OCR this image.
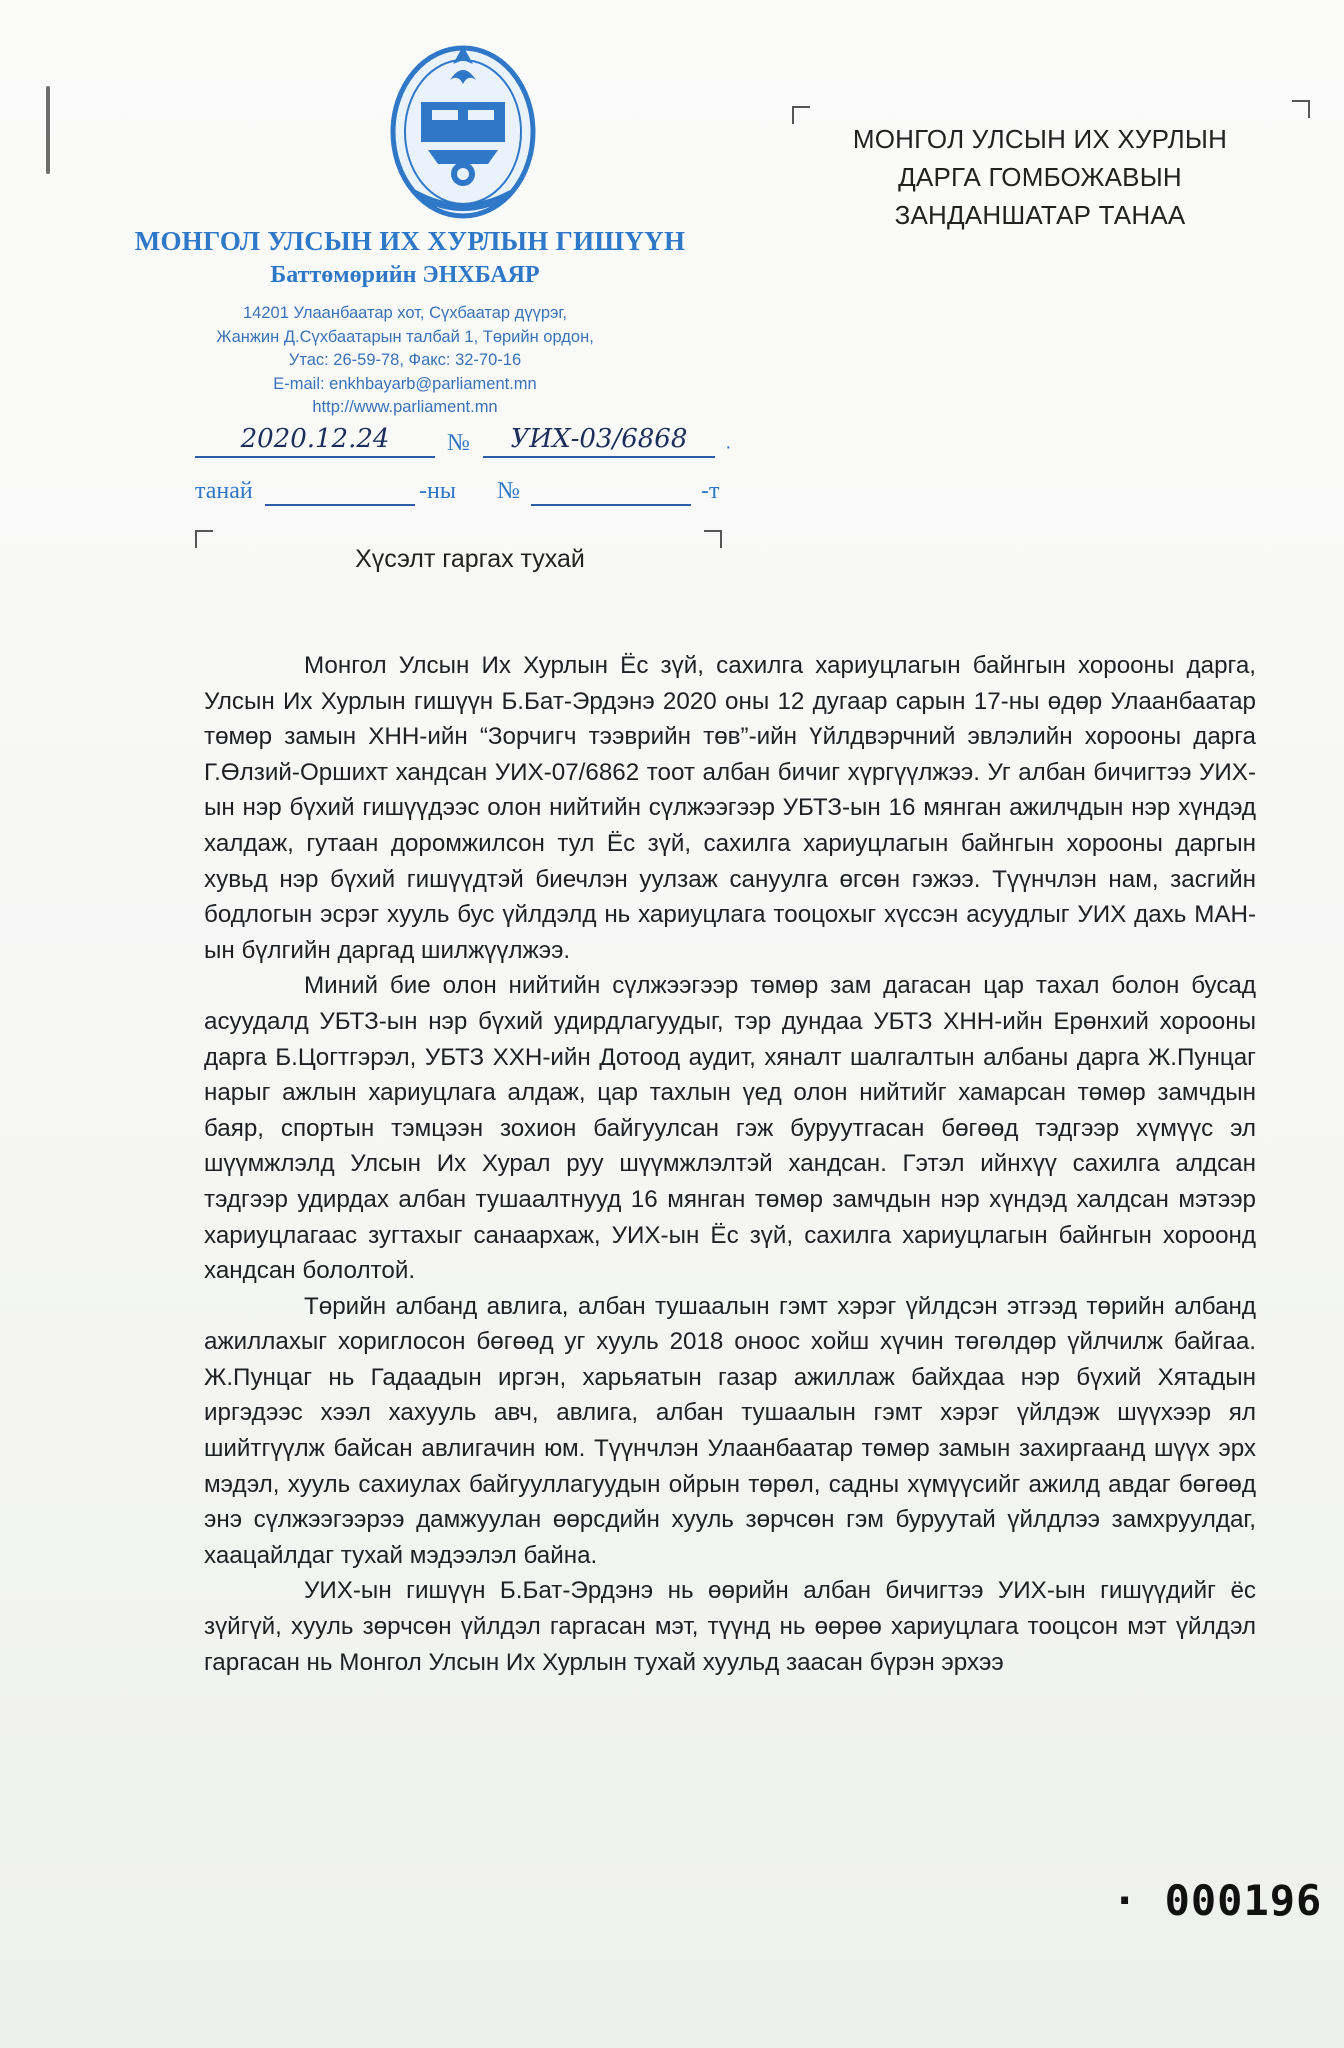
МОНГОЛ УЛСЫН ИХ ХУРЛЫН ГИШҮҮН
Баттөмөрийн ЭНХБАЯР
14201 Улаанбаатар хот, Сүхбаатар дүүрэг,
Жанжин Д.Сүхбаатарын талбай 1, Төрийн ордон,
Утас: 26-59-78, Факс: 32-70-16
E-mail: enkhbayarb@parliament.mn
http://www.parliament.mn
МОНГОЛ УЛСЫН ИХ ХУРЛЫН
ДАРГА ГОМБОЖАВЫН
ЗАНДАНШАТАР ТАНАА
2020.12.24	№	УИХ-03/6868	·
танай	-ны №	-т
Хүсэлт гаргах тухай

Монгол Улсын Их Хурлын Ёс зүй, сахилга хариуцлагын байнгын хорооны дарга, Улсын Их Хурлын гишүүн Б.Бат-Эрдэнэ 2020 оны 12 дугаар сарын 17-ны өдөр Улаанбаатар төмөр замын ХНН-ийн “Зорчигч тээврийн төв”-ийн Үйлдвэрчний эвлэлийн хорооны дарга Г.Өлзий-Оршихт хандсан УИХ-07/6862 тоот албан бичиг хүргүүлжээ. Уг албан бичигтээ УИХ-ын нэр бүхий гишүүдээс олон нийтийн сүлжээгээр УБТЗ-ын 16 мянган ажилчдын нэр хүндэд халдаж, гутаан доромжилсон тул Ёс зүй, сахилга хариуцлагын байнгын хорооны даргын хувьд нэр бүхий гишүүдтэй биечлэн уулзаж сануулга өгсөн гэжээ. Түүнчлэн нам, засгийн бодлогын эсрэг хууль бус үйлдэлд нь хариуцлага тооцохыг хүссэн асуудлыг УИХ дахь МАН-ын бүлгийн даргад шилжүүлжээ.

Миний бие олон нийтийн сүлжээгээр төмөр зам дагасан цар тахал болон бусад асуудалд УБТЗ-ын нэр бүхий удирдлагуудыг, тэр дундаа УБТЗ ХНН-ийн Ерөнхий хорооны дарга Б.Цогтгэрэл, УБТЗ ХХН-ийн Дотоод аудит, хяналт шалгалтын албаны дарга Ж.Пунцаг нарыг ажлын хариуцлага алдаж, цар тахлын үед олон нийтийг хамарсан төмөр замчдын баяр, спортын тэмцээн зохион байгуулсан гэж буруутгасан бөгөөд тэдгээр хүмүүс эл шүүмжлэлд Улсын Их Хурал руу шүүмжлэлтэй хандсан. Гэтэл ийнхүү сахилга алдсан тэдгээр удирдах албан тушаалтнууд 16 мянган төмөр замчдын нэр хүндэд халдсан мэтээр хариуцлагаас зугтахыг санаархаж, УИХ-ын Ёс зүй, сахилга хариуцлагын байнгын хороонд хандсан бололтой.

Төрийн албанд авлига, албан тушаалын гэмт хэрэг үйлдсэн этгээд төрийн албанд ажиллахыг хориглосон бөгөөд уг хууль 2018 оноос хойш хүчин төгөлдөр үйлчилж байгаа. Ж.Пунцаг нь Гадаадын иргэн, харьяатын газар ажиллаж байхдаа нэр бүхий Хятадын иргэдээс хээл хахууль авч, авлига, албан тушаалын гэмт хэрэг үйлдэж шүүхээр ял шийтгүүлж байсан авлигачин юм. Түүнчлэн Улаанбаатар төмөр замын захиргаанд шүүх эрх мэдэл, хууль сахиулах байгууллагуудын ойрын төрөл, садны хүмүүсийг ажилд авдаг бөгөөд энэ сүлжээгээрээ дамжуулан өөрсдийн хууль зөрчсөн гэм буруутай үйлдлээ замхруулдаг, хаацайлдаг тухай мэдээлэл байна.

УИХ-ын гишүүн Б.Бат-Эрдэнэ нь өөрийн албан бичигтээ УИХ-ын гишүүдийг ёс зүйгүй, хууль зөрчсөн үйлдэл гаргасан мэт, түүнд нь өөрөө хариуцлага тооцсон мэт үйлдэл гаргасан нь Монгол Улсын Их Хурлын тухай хуульд заасан бүрэн эрхээ

· 000196
